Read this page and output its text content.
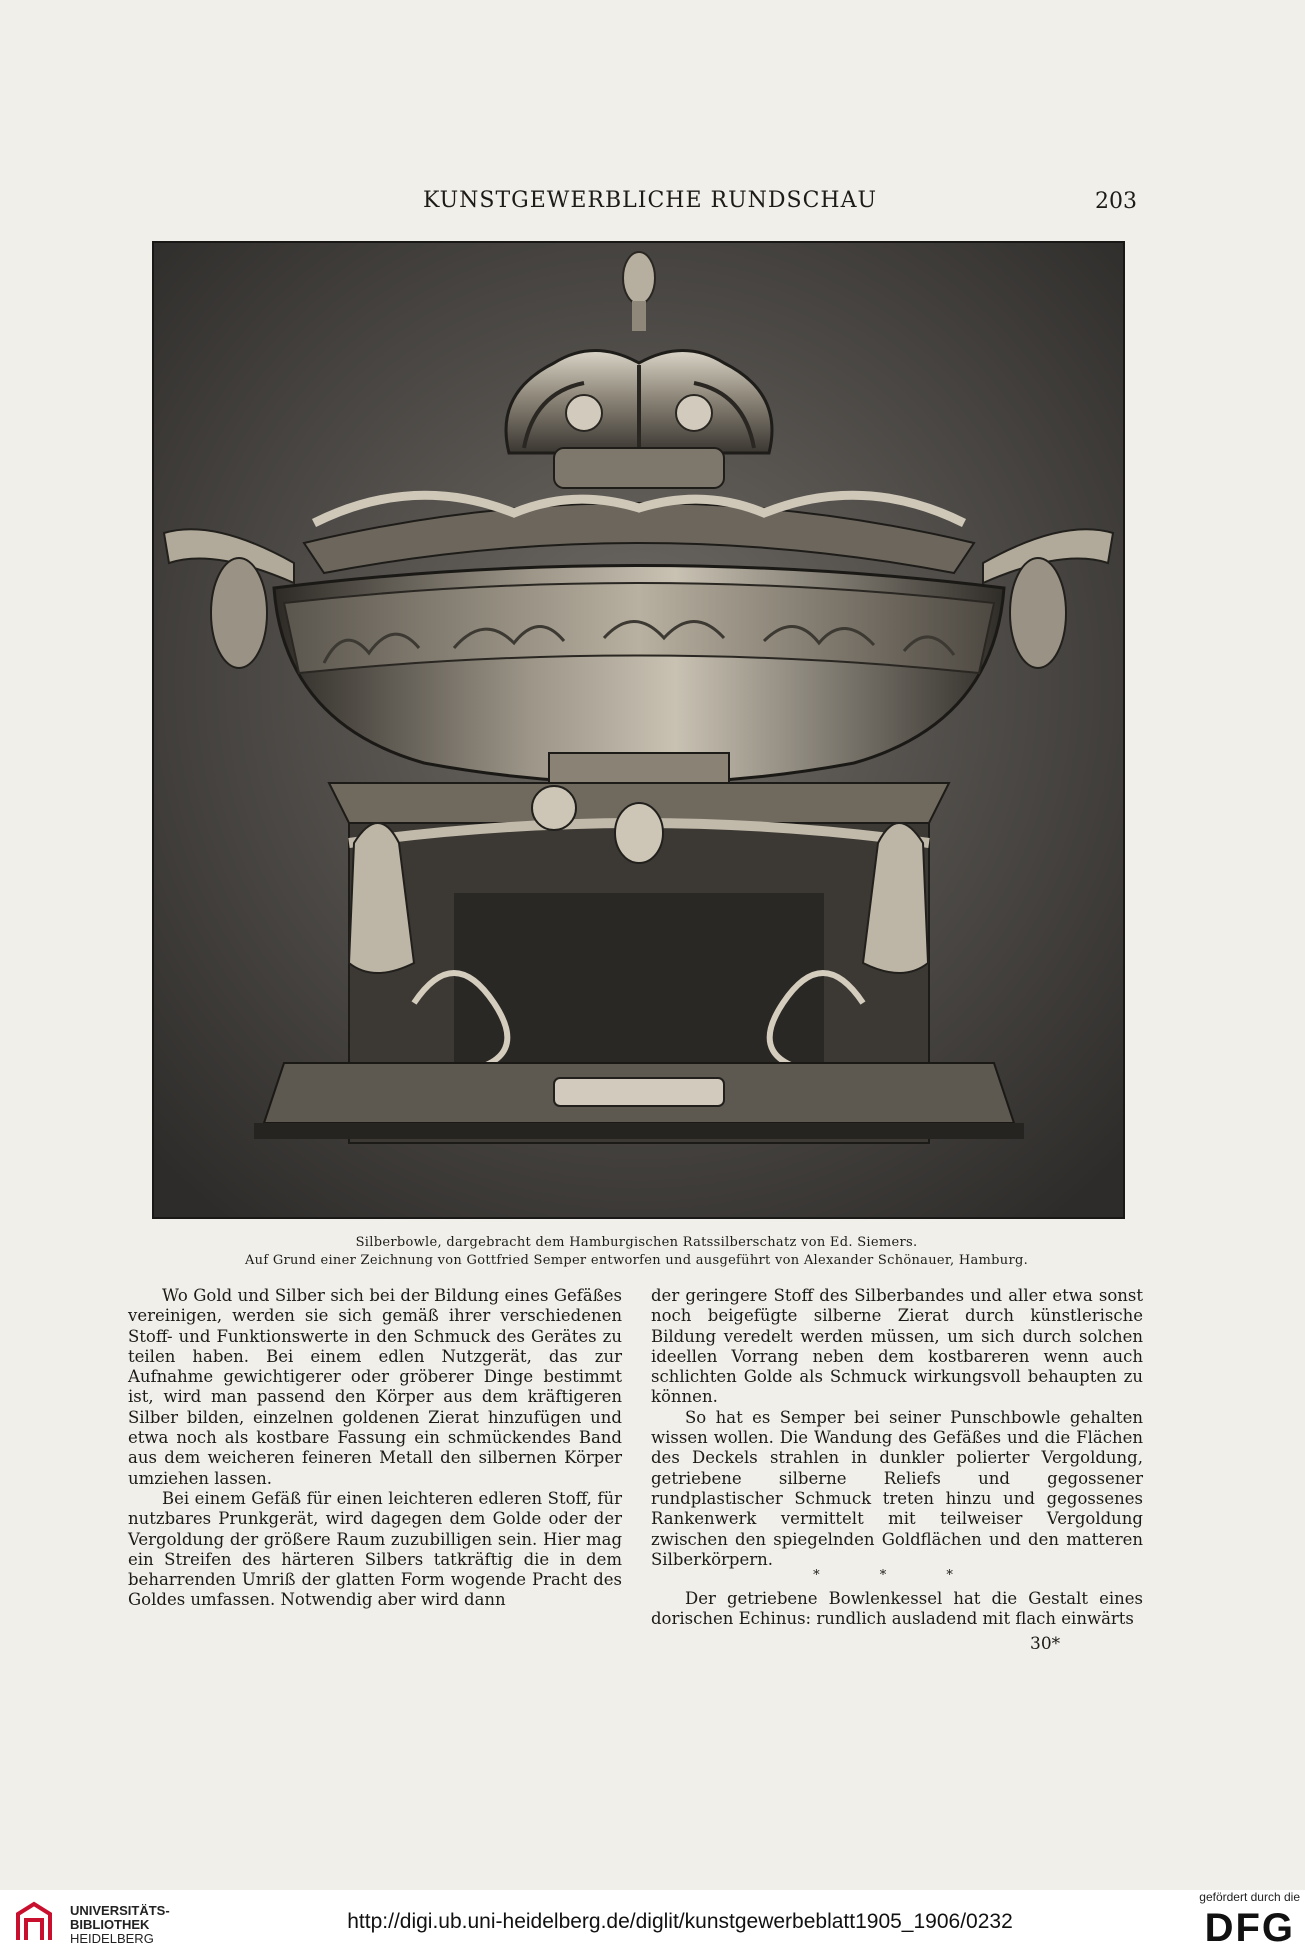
KUNSTGEWERBLICHE RUNDSCHAU	203
Silberbowle, dargebracht dem Hamburgischen Ratssilberschatz von Ed. Siemers.
Auf Grund einer Zeichnung von Gottfried Semper entworfen und ausgeführt von Alexander Schönauer, Hamburg.

Wo Gold und Silber sich bei der Bildung eines Gefäßes vereinigen, werden sie sich gemäß ihrer verschiedenen Stoff- und Funktionswerte in den Schmuck des Gerätes zu teilen haben. Bei einem edlen Nutzgerät, das zur Aufnahme gewichtigerer oder gröberer Dinge bestimmt ist, wird man passend den Körper aus dem kräftigeren Silber bilden, einzelnen goldenen Zierat hinzufügen und etwa noch als kostbare Fassung ein schmückendes Band aus dem weicheren feineren Metall den silbernen Körper umziehen lassen.

Bei einem Gefäß für einen leichteren edleren Stoff, für nutzbares Prunkgerät, wird dagegen dem Golde oder der Vergoldung der größere Raum zuzubilligen sein. Hier mag ein Streifen des härteren Silbers tatkräftig die in dem beharrenden Umriß der glatten Form wogende Pracht des Goldes umfassen. Notwendig aber wird dann

der geringere Stoff des Silberbandes und aller etwa sonst noch beigefügte silberne Zierat durch künstlerische Bildung veredelt werden müssen, um sich durch solchen ideellen Vorrang neben dem kostbareren wenn auch schlichten Golde als Schmuck wirkungsvoll behaupten zu können.

So hat es Semper bei seiner Punschbowle gehalten wissen wollen. Die Wandung des Gefäßes und die Flächen des Deckels strahlen in dunkler polierter Vergoldung, getriebene silberne Reliefs und gegossener rundplastischer Schmuck treten hinzu und gegossenes Rankenwerk vermittelt mit teilweiser Vergoldung zwischen den spiegelnden Goldflächen und den matteren Silberkörpern.

* * *

Der getriebene Bowlenkessel hat die Gestalt eines dorischen Echinus: rundlich ausladend mit flach einwärts

30*
UNIVERSITÄTS-
BIBLIOTHEK
HEIDELBERG
http://digi.ub.uni-heidelberg.de/diglit/kunstgewerbeblatt1905_1906/0232
gefördert durch die
DFG
